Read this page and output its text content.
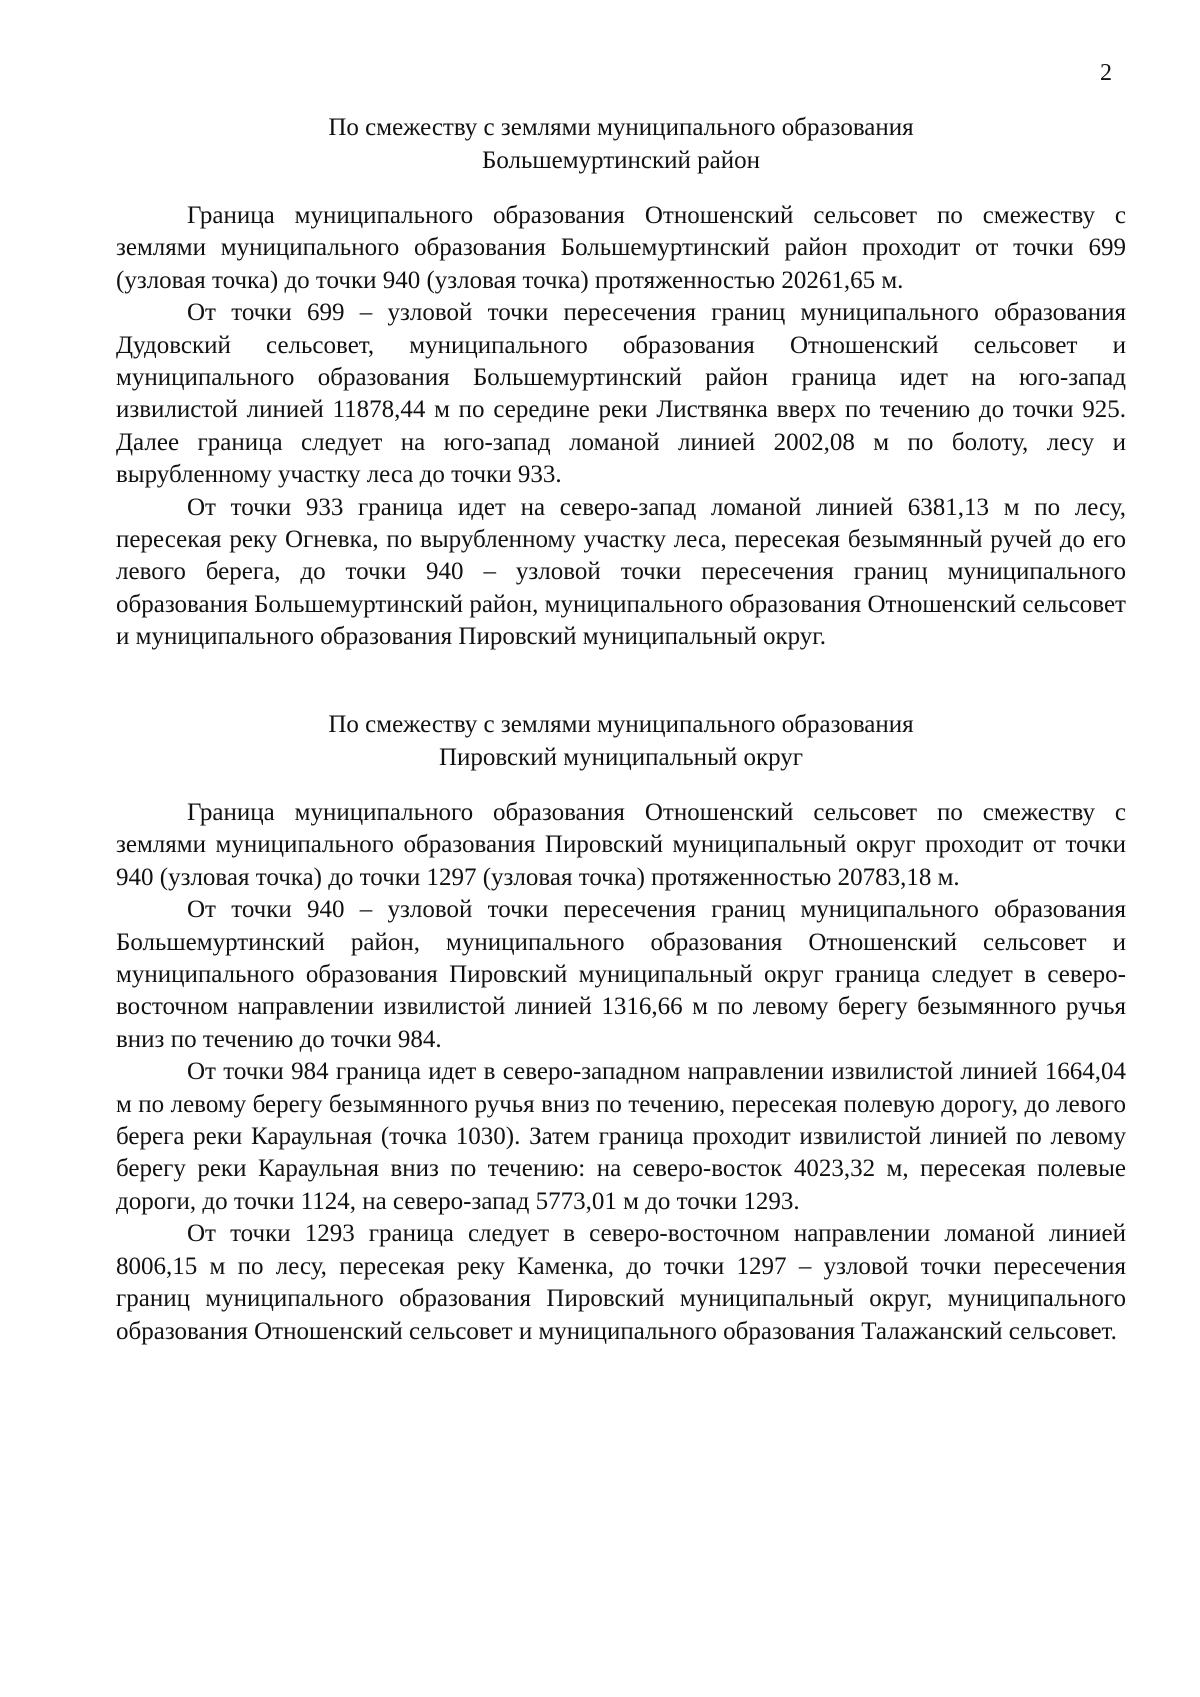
2
По смежеству с землями муниципального образования
Большемуртинский район

Граница муниципального образования Отношенский сельсовет по смежеству с землями муниципального образования Большемуртинский район проходит от точки 699 (узловая точка) до точки 940 (узловая точка) протяженностью 20261,65 м.

От точки 699 – узловой точки пересечения границ муниципального образования Дудовский сельсовет, муниципального образования Отношенский сельсовет и муниципального образования Большемуртинский район граница идет на юго-запад извилистой линией 11878,44 м по середине реки Листвянка вверх по течению до точки 925. Далее граница следует на юго-запад ломаной линией 2002,08 м по болоту, лесу и вырубленному участку леса до точки 933.

От точки 933 граница идет на северо-запад ломаной линией 6381,13 м по лесу, пересекая реку Огневка, по вырубленному участку леса, пересекая безымянный ручей до его левого берега, до точки 940 – узловой точки пересечения границ муниципального образования Большемуртинский район, муниципального образования Отношенский сельсовет и муниципального образования Пировский муниципальный округ.

По смежеству с землями муниципального образования
Пировский муниципальный округ

Граница муниципального образования Отношенский сельсовет по смежеству с землями муниципального образования Пировский муниципальный округ проходит от точки 940 (узловая точка) до точки 1297 (узловая точка) протяженностью 20783,18 м.

От точки 940 – узловой точки пересечения границ муниципального образования Большемуртинский район, муниципального образования Отношенский сельсовет и муниципального образования Пировский муниципальный округ граница следует в северо-восточном направлении извилистой линией 1316,66 м по левому берегу безымянного ручья вниз по течению до точки 984.

От точки 984 граница идет в северо-западном направлении извилистой линией 1664,04 м по левому берегу безымянного ручья вниз по течению, пересекая полевую дорогу, до левого берега реки Караульная (точка 1030). Затем граница проходит извилистой линией по левому берегу реки Караульная вниз по течению: на северо-восток 4023,32 м, пересекая полевые дороги, до точки 1124, на северо-запад 5773,01 м до точки 1293.

От точки 1293 граница следует в северо-восточном направлении ломаной линией 8006,15 м по лесу, пересекая реку Каменка, до точки 1297 – узловой точки пересечения границ муниципального образования Пировский муниципальный округ, муниципального образования Отношенский сельсовет и муниципального образования Талажанский сельсовет.
